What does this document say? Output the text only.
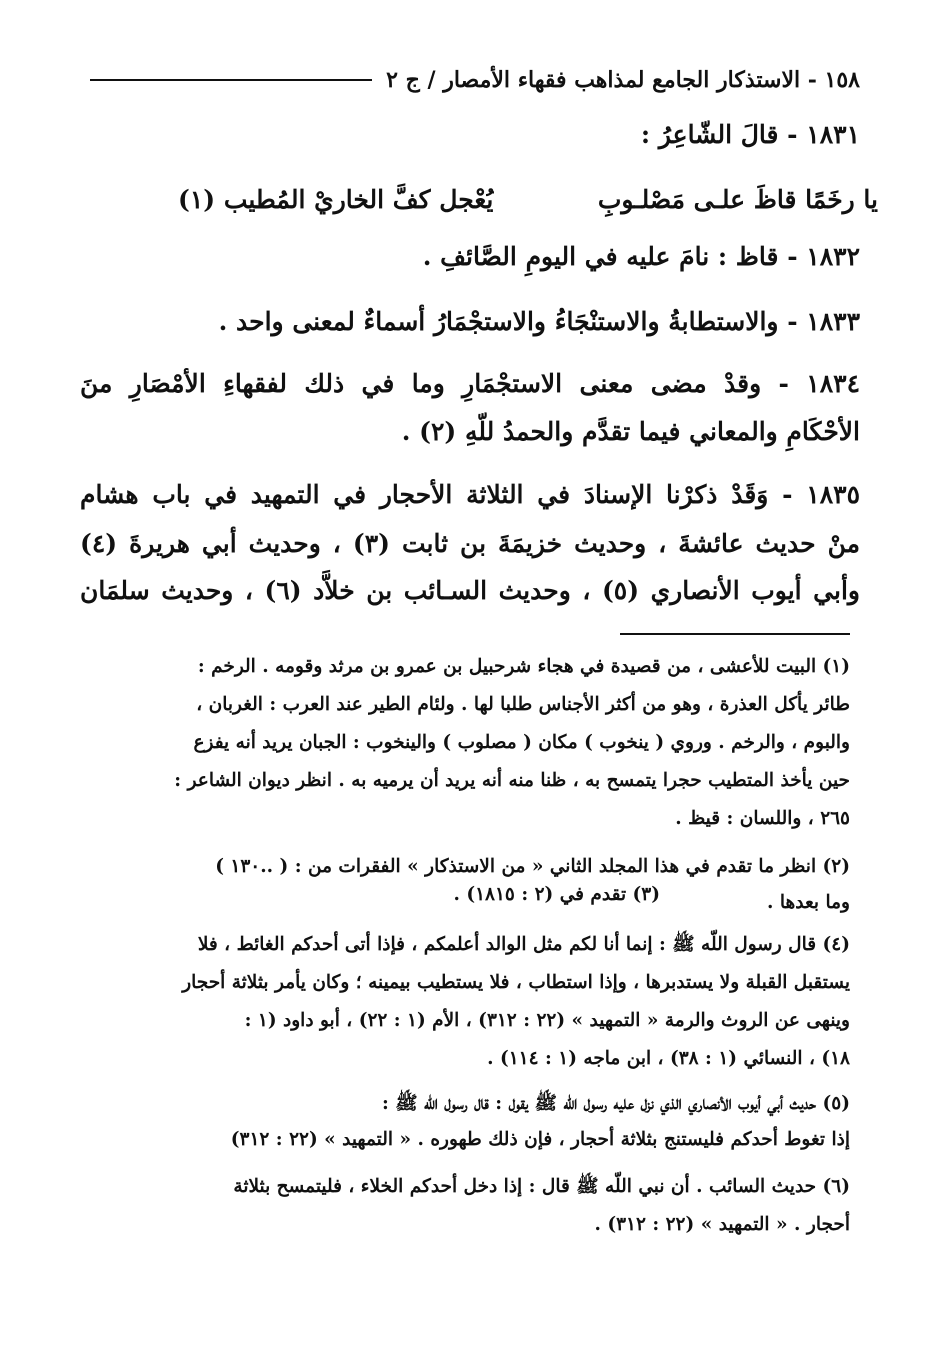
١٥٨ - الاستذكار الجامع لمذاهب فقهاء الأمصار / ج ٢
١٨٣١ - قالَ الشّاعِرُ :
١٨٣٢ - قاظ : نامَ عليه في اليومِ الصَّائفِ .
١٨٣٣ - والاستطابةُ والاستنْجَاءُ والاستجْمَارُ أسماءٌ لمعنى واحد .
١٨٣٤ - وقدْ مضى معنى الاستجْمَارِ وما في ذلك لفقهاءِ الأمْصَارِ منَ
الأحْكَامِ والمعاني فيما تقدَّم والحمدُ للّهِ (٢) .
١٨٣٥ - وَقَدْ ذكرْنا الإسنادَ في الثلاثة الأحجار في التمهيد في باب هشام
منْ حديث عائشةَ ، وحديث خزيمَةَ بن ثابت (٣) ، وحديث أبي هريرةَ (٤)
وأبي أيوب الأنصاري (٥) ، وحديث السـائب بن خلاَّد (٦) ، وحديث سلمَان
يا رخَمًا قاظَ علـى مَصْلـوبِ
يُعْجل كفَّ الخاريْ المُطيب (١)
(١) البيت للأعشى ، من قصيدة في هجاء شرحبيل بن عمرو بن مرثد وقومه . الرخم :
طائر يأكل العذرة ، وهو من أكثر الأجناس طلبا لها . ولئام الطير عند العرب : الغربان ،
والبوم ، والرخم . وروي ( ينخوب ) مكان ( مصلوب ) والينخوب : الجبان يريد أنه يفزع
حين يأخذ المتطيب حجرا يتمسح به ، ظنا منه أنه يريد أن يرميه به . انظر ديوان الشاعر :
٢٦٥ ، واللسان : قيظ .
(٢) انظر ما تقدم في هذا المجلد الثاني « من الاستذكار » الفقرات من : ( ..١٣٠ )
وما بعدها .
(٣) تقدم في (٢ : ١٨١٥) .
(٤) قال رسول اللّه ﷺ : إنما أنا لكم مثل الوالد أعلمكم ، فإذا أتى أحدكم الغائط ، فلا
يستقبل القبلة ولا يستدبرها ، وإذا استطاب ، فلا يستطيب بيمينه ؛ وكان يأمر بثلاثة أحجار
وينهى عن الروث والرمة « التمهيد » (٢٢ : ٣١٢) ، الأم (١ : ٢٢) ، أبو داود (١ :
١٨) ، النسائي (١ : ٣٨) ، ابن ماجه (١ : ١١٤) .
(٥) حديث أبي أيوب الأنصاري الذي نزل عليه رسول اللّه ﷺ يقول : قال رسول اللّه ﷺ :
إذا تغوط أحدكم فليستنج بثلاثة أحجار ، فإن ذلك طهوره . « التمهيد » (٢٢ : ٣١٢)
(٦) حديث السائب . أن نبي اللّه ﷺ قال : إذا دخل أحدكم الخلاء ، فليتمسح بثلاثة
أحجار . « التمهيد » (٢٢ : ٣١٢) .
